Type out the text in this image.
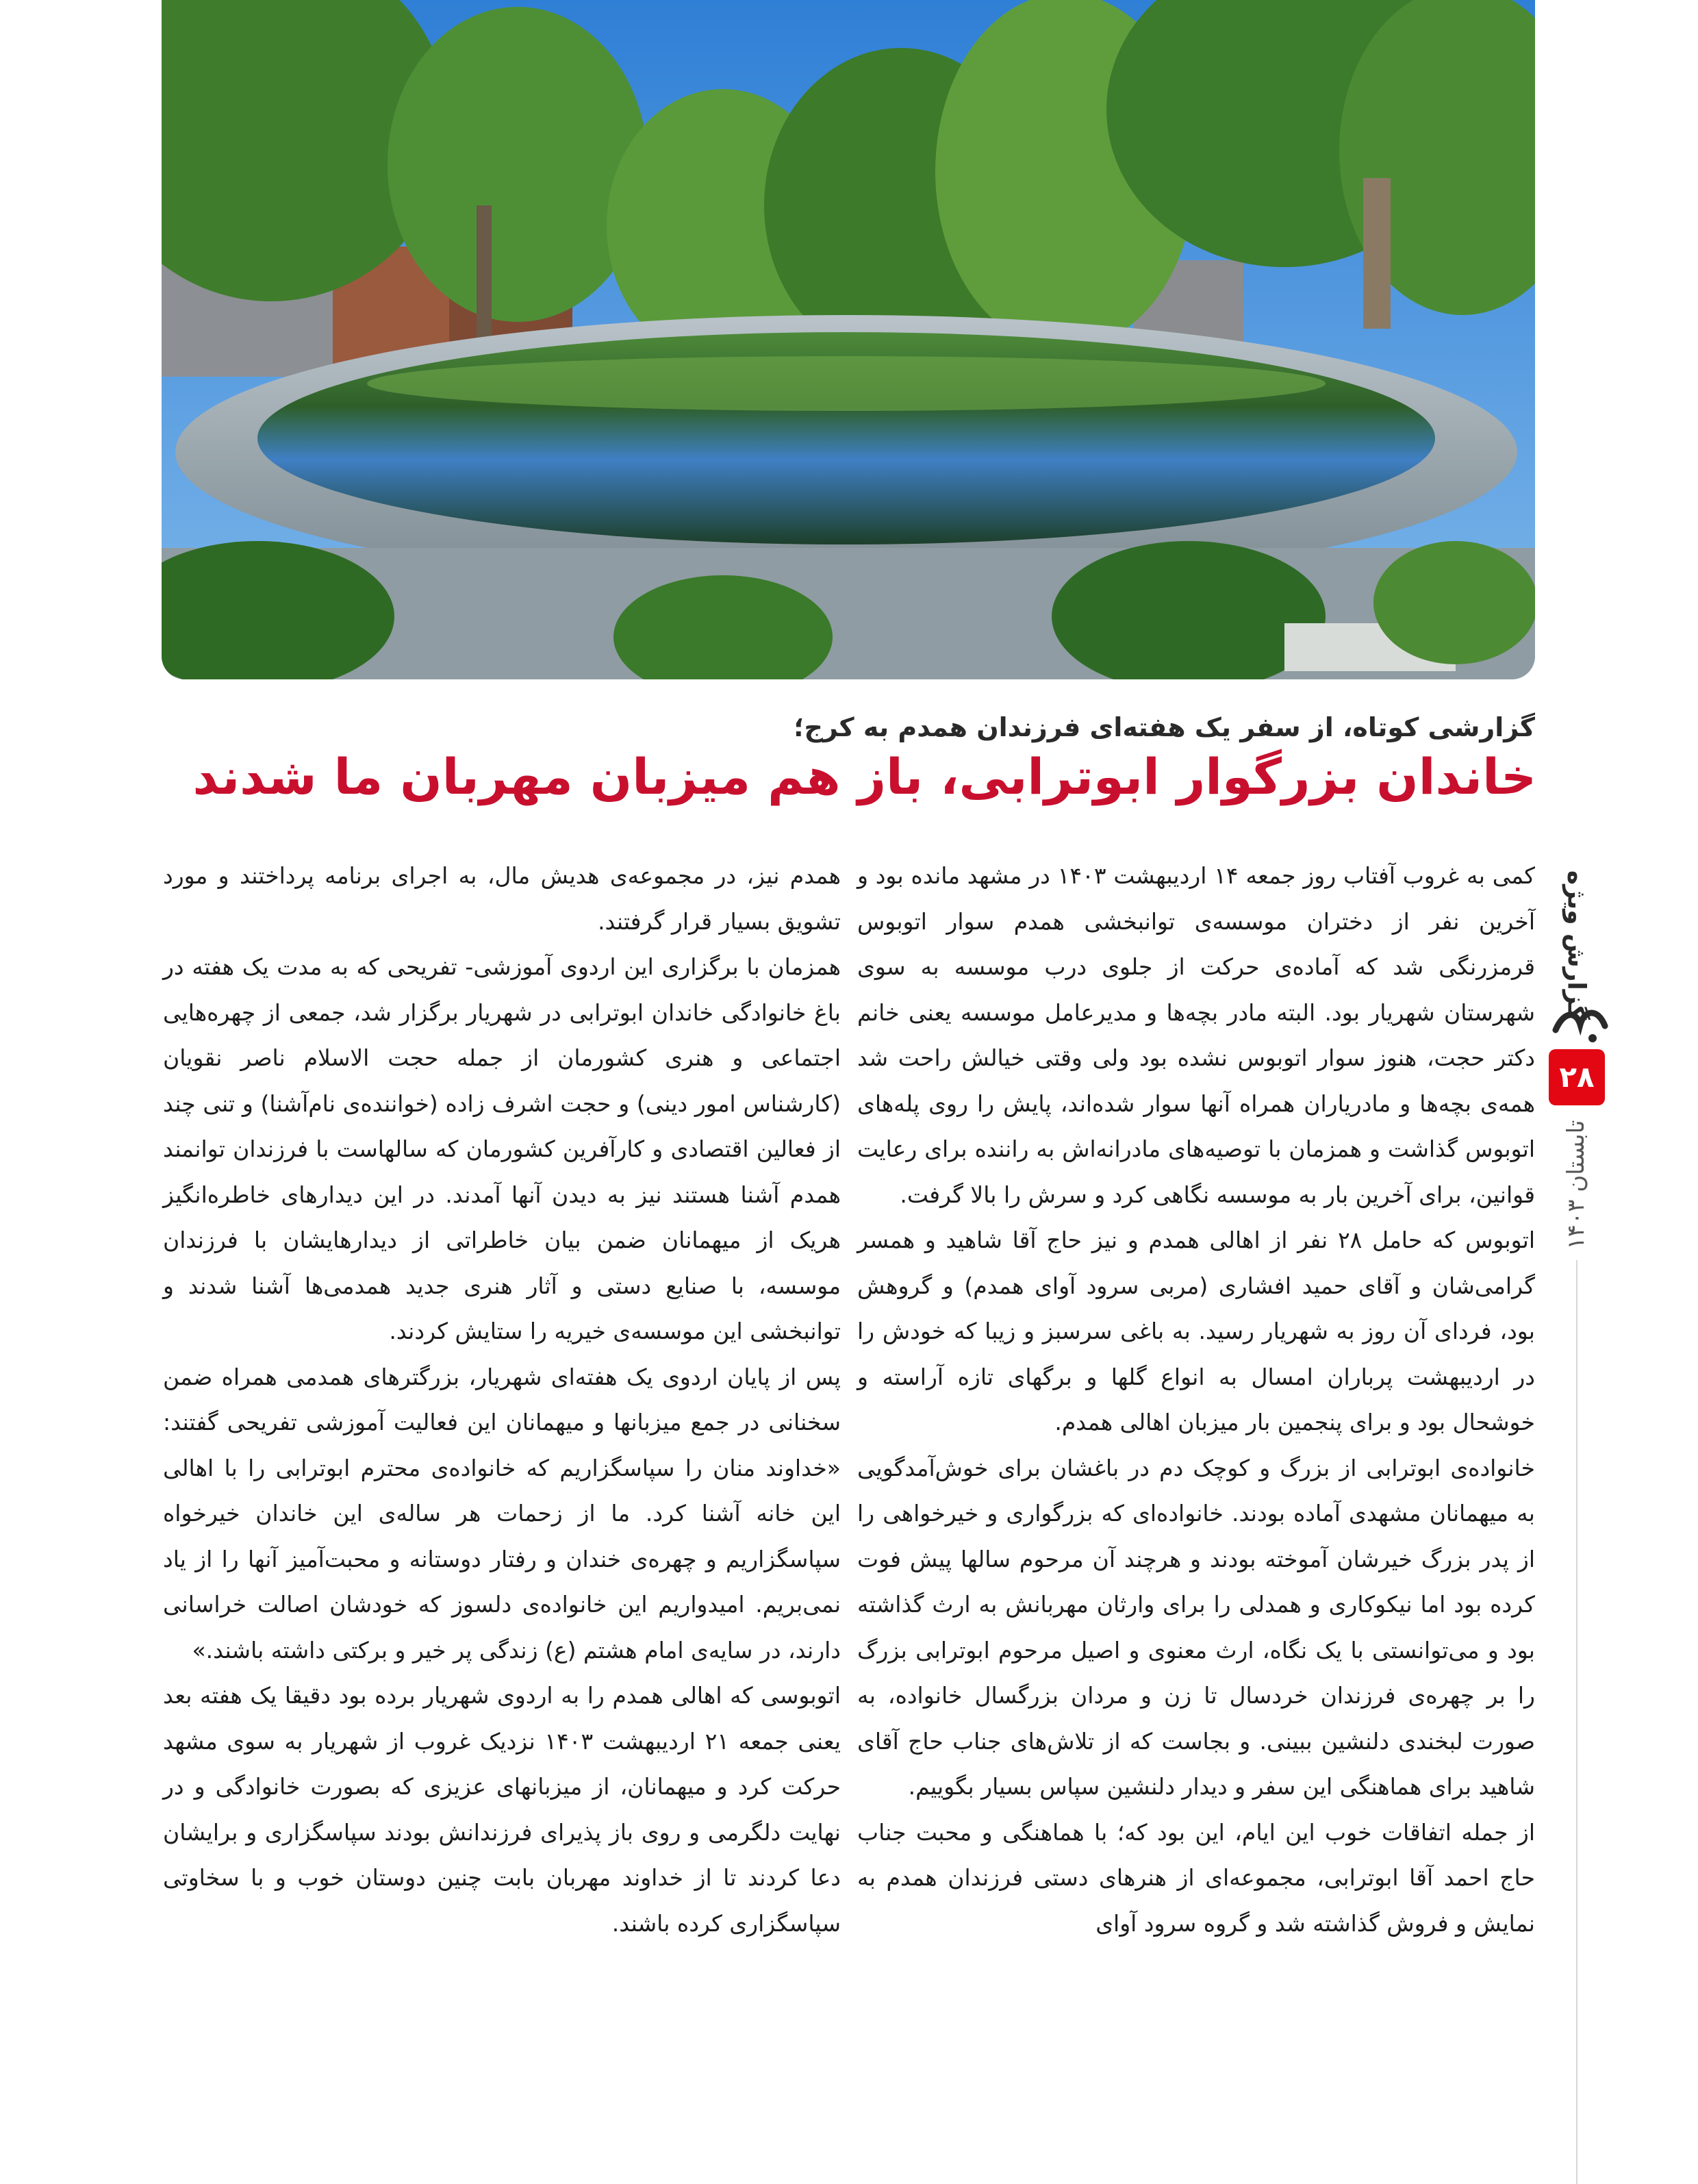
گزارشی کوتاه، از سفر یک هفته‌ای فرزندان همدم به کرج؛
خاندان بزرگوار ابوترابی، باز هم میزبان مهربان ما شدند

کمی به غروب آفتاب روز جمعه ۱۴ اردیبهشت ۱۴۰۳ در مشهد مانده بود و آخرین نفر از دختران موسسه‌ی توانبخشی همدم سوار اتوبوس قرمزرنگی شد که آماده‌ی حرکت از جلوی درب موسسه به سوی شهرستان شهریار بود. البته مادر بچه‌ها و مدیرعامل موسسه یعنی خانم دکتر حجت، هنوز سوار اتوبوس نشده بود ولی وقتی خیالش راحت شد همه‌ی بچه‌ها و مادریاران همراه آنها سوار شده‌اند، پایش را روی پله‌های اتوبوس گذاشت و همزمان با توصیه‌های مادرانه‌اش به راننده برای رعایت قوانین، برای آخرین بار به موسسه نگاهی کرد و سرش را بالا گرفت.

اتوبوس که حامل ۲۸ نفر از اهالی همدم و نیز حاج آقا شاهید و همسر گرامی‌شان و آقای حمید افشاری (مربی سرود آوای همدم) و گروهش بود، فردای آن روز به شهریار رسید. به باغی سرسبز و زیبا که خودش را در اردیبهشت پرباران امسال به انواع گلها و برگهای تازه آراسته و خوشحال بود و برای پنجمین بار میزبان اهالی همدم.

خانواده‌ی ابوترابی از بزرگ و کوچک دم در باغشان برای خوش‌آمدگویی به میهمانان مشهدی آماده بودند. خانواده‌ای که بزرگواری و خیرخواهی را از پدر بزرگ خیرشان آموخته بودند و هرچند آن مرحوم سالها پیش فوت کرده بود اما نیکوکاری و همدلی را برای وارثان مهربانش به ارث گذاشته بود و می‌توانستی با یک نگاه، ارث معنوی و اصیل مرحوم ابوترابی بزرگ را بر چهره‌ی فرزندان خردسال تا زن و مردان بزرگسال خانواده، به صورت لبخندی دلنشین ببینی. و بجاست که از تلاش‌های جناب حاج آقای شاهید برای هماهنگی این سفر و دیدار دلنشین سپاس بسیار بگوییم.

از جمله اتفاقات خوب این ایام، این بود که؛ با هماهنگی و محبت جناب حاج احمد آقا ابوترابی، مجموعه‌ای از هنرهای دستی فرزندان همدم به نمایش و فروش گذاشته شد و گروه سرود آوای

همدم نیز، در مجموعه‌ی هدیش مال، به اجرای برنامه پرداختند و مورد تشویق بسیار قرار گرفتند.

همزمان با برگزاری این اردوی آموزشی- تفریحی که به مدت یک هفته در باغ خانوادگی خاندان ابوترابی در شهریار برگزار شد، جمعی از چهره‌هایی اجتماعی و هنری کشورمان از جمله حجت الاسلام ناصر نقویان (کارشناس امور دینی) و حجت اشرف زاده (خواننده‌ی نام‌آشنا) و تنی چند از فعالین اقتصادی و کارآفرین کشورمان که سالهاست با فرزندان توانمند همدم آشنا هستند نیز به دیدن آنها آمدند. در این دیدارهای خاطره‌انگیز هریک از میهمانان ضمن بیان خاطراتی از دیدارهایشان با فرزندان موسسه، با صنایع دستی و آثار هنری جدید همدمی‌ها آشنا شدند و توانبخشی این موسسه‌ی خیریه را ستایش کردند.

پس از پایان اردوی یک هفته‌ای شهریار، بزرگترهای همدمی همراه ضمن سخنانی در جمع میزبانها و میهمانان این فعالیت آموزشی تفریحی گفتند: «خداوند منان را سپاسگزاریم که خانواده‌ی محترم ابوترابی را با اهالی این خانه آشنا کرد. ما از زحمات هر ساله‌ی این خاندان خیرخواه سپاسگزاریم و چهره‌ی خندان و رفتار دوستانه و محبت‌آمیز آنها را از یاد نمی‌بریم. امیدواریم این خانواده‌ی دلسوز که خودشان اصالت خراسانی دارند، در سایه‌ی امام هشتم (ع) زندگی پر خیر و برکتی داشته باشند.»

اتوبوسی که اهالی همدم را به اردوی شهریار برده بود دقیقا یک هفته بعد یعنی جمعه ۲۱ اردیبهشت ۱۴۰۳ نزدیک غروب از شهریار به سوی مشهد حرکت کرد و میهمانان، از میزبانهای عزیزی که بصورت خانوادگی و در نهایت دلگرمی و روی باز پذیرای فرزندانش بودند سپاسگزاری و برایشان دعا کردند تا از خداوند مهربان بابت چنین دوستان خوب و با سخاوتی سپاسگزاری کرده باشند.

گزارش ویژه
۲۸
تابستان ۱۴۰۳
